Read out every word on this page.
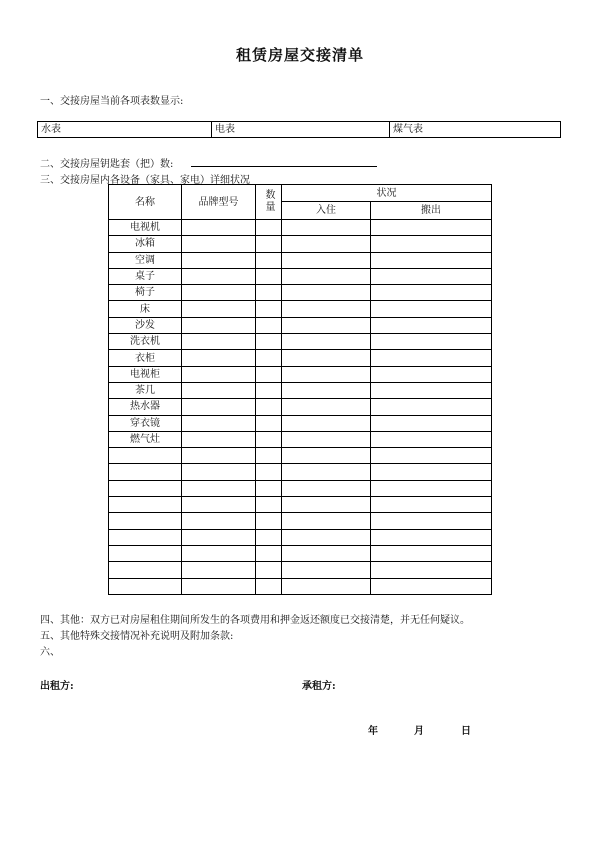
租赁房屋交接清单
一、交接房屋当前各项表数显示:
水表	电表	煤气表
二、交接房屋钥匙套（把）数:
三、交接房屋内各设备（家具、家电）详细状况
名称	品牌型号	数量	状况	
			入住	搬出
电视机				
冰箱				
空调				
桌子				
椅子				
床				
沙发				
洗衣机				
衣柜				
电视柜				
茶几				
热水器				
穿衣镜				
燃气灶				

四、其他：双方已对房屋租住期间所发生的各项费用和押金返还额度已交接清楚，并无任何疑议。
五、其他特殊交接情况补充说明及附加条款:
六、
出租方:	承租方:
年	月	日
